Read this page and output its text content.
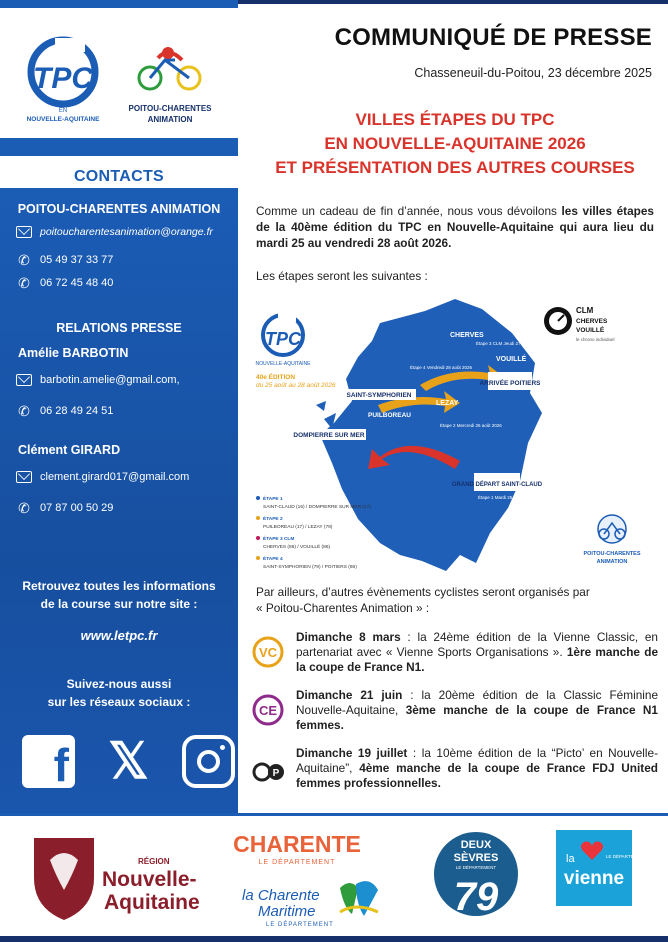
TPC
EN
NOUVELLE-AQUITAINE
POITOU-CHARENTES
ANIMATION
CONTACTS
POITOU-CHARENTES ANIMATION
poitoucharentesanimation@orange.fr
✆ 05 49 37 33 77
✆ 06 72 45 48 40
RELATIONS PRESSE
Amélie BARBOTIN
barbotin.amelie@gmail.com,
✆ 06 28 49 24 51
Clément GIRARD
clement.girard017@gmail.com
✆ 07 87 00 50 29
Retrouvez toutes les informations
de la course sur notre site :
www.letpc.fr
Suivez-nous aussi
sur les réseaux sociaux :
f 𝕏
COMMUNIQUÉ DE PRESSE
Chasseneuil-du-Poitou, 23 décembre 2025
VILLES ÉTAPES DU TPC
EN NOUVELLE-AQUITAINE 2026
ET PRÉSENTATION DES AUTRES COURSES
Comme un cadeau de fin d’année, nous vous dévoilons les villes étapes de la 40ème édition du TPC en Nouvelle-Aquitaine qui aura lieu du mardi 25 au vendredi 28 août 2026.
Les étapes seront les suivantes :
TPC
NOUVELLE-AQUITAINE
40e ÉDITION
du 25 août au 28 août 2026
CHERVES
VOUILLÉ
ARRIVÉE POITIERS
SAINT-SYMPHORIEN
LEZAY
PUILBOREAU
DOMPIERRE SUR MER
GRAND DÉPART SAINT-CLAUD
Étape 3 CLM Jeudi 27 août 2026
Étape 4 Vendredi 28 août 2026
Étape 2 Mercredi 26 août 2026
Étape 1 Mardi 25 août 2026
ÉTAPE 1
SAINT-CLAUD (16) / DOMPIERRE SUR MER (17)
ÉTAPE 2
PUILBOREAU (17) / LEZAY (79)
ÉTAPE 3 CLM
CHERVES (86) / VOUILLÉ (86)
ÉTAPE 4
SAINT-SYMPHORIEN (79) / POITIERS (86)
CLM
CHERVES
VOUILLÉ
le chrono individuel
POITOU-CHARENTES
ANIMATION
Par ailleurs, d’autres évènements cyclistes seront organisés par
« Poitou-Charentes Animation » :
VC
Dimanche 8 mars : la 24ème édition de la Vienne Classic, en partenariat avec « Vienne Sports Organisations ». 1ère manche de la coupe de France N1.
CE
Dimanche 21 juin : la 20ème édition de la Classic Féminine Nouvelle-Aquitaine, 3ème manche de la coupe de France N1 femmes.
P
Dimanche 19 juillet : la 10ème édition de la “Picto’ en Nouvelle-Aquitaine”, 4ème manche de la coupe de France FDJ United femmes professionnelles.
RÉGION
Nouvelle-
Aquitaine
CHARENTE
LE DÉPARTEMENT
la Charente
Maritime
LE DÉPARTEMENT
DEUX
SÈVRES
LE DÉPARTEMENT
79
la	LE DÉPARTEMENT
vienne
